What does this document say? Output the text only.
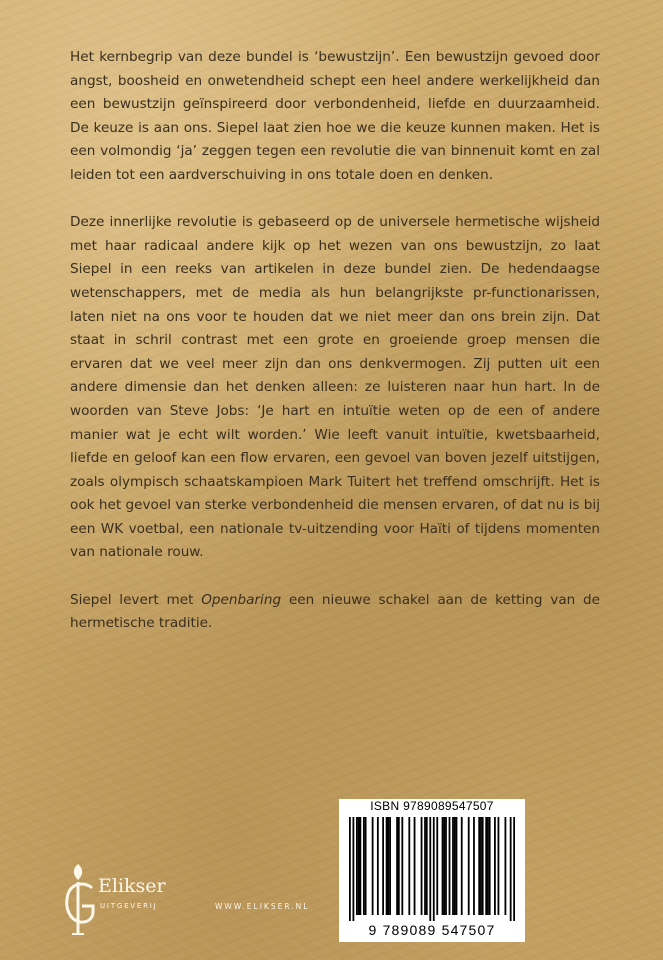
Het kernbegrip van deze bundel is ‘bewustzijn’. Een bewustzijn gevoed door angst, boosheid en onwetendheid schept een heel andere werkelijkheid dan een bewustzijn geïnspireerd door verbondenheid, liefde en duurzaamheid. De keuze is aan ons. Siepel laat zien hoe we die keuze kunnen maken. Het is een volmondig ‘ja’ zeggen tegen een revolutie die van binnenuit komt en zal leiden tot een aardverschuiving in ons totale doen en denken.

Deze innerlijke revolutie is gebaseerd op de universele hermetische wijsheid met haar radicaal andere kijk op het wezen van ons bewustzijn, zo laat Siepel in een reeks van artikelen in deze bundel zien. De hedendaagse wetenschappers, met de media als hun belangrijkste pr-functionarissen, laten niet na ons voor te houden dat we niet meer dan ons brein zijn. Dat staat in schril contrast met een grote en groeiende groep mensen die ervaren dat we veel meer zijn dan ons denkvermogen. Zij putten uit een andere dimensie dan het denken alleen: ze luisteren naar hun hart. In de woorden van Steve Jobs: ‘Je hart en intuïtie weten op de een of andere manier wat je echt wilt worden.’ Wie leeft vanuit intuïtie, kwetsbaarheid, liefde en geloof kan een flow ervaren, een gevoel van boven jezelf uitstijgen, zoals olympisch schaatskampioen Mark Tuitert het treffend omschrijft. Het is ook het gevoel van sterke verbondenheid die mensen ervaren, of dat nu is bij een WK voetbal, een nationale tv-uitzending voor Haïti of tijdens momenten van nationale rouw.

Siepel levert met Openbaring een nieuwe schakel aan de ketting van de hermetische traditie.

ISBN 9789089547507
9 789089 547507
Elikser
UITGEVERIJ	WWW.ELIKSER.NL
